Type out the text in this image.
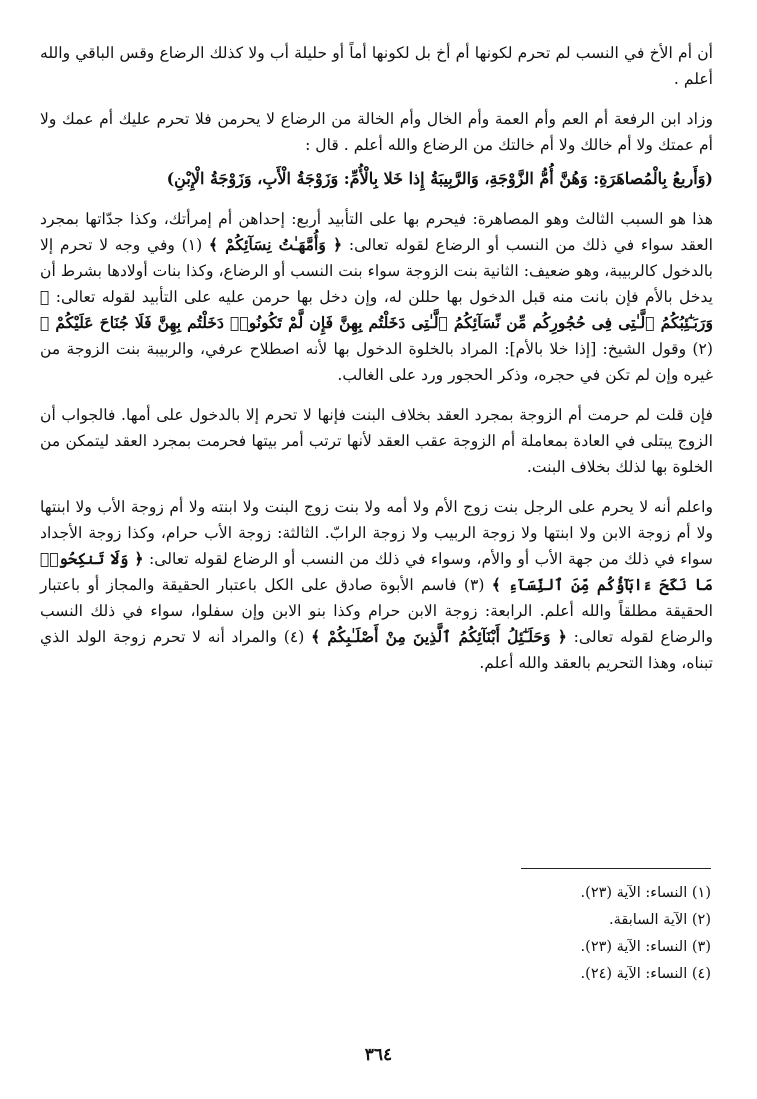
أن أم الأخ في النسب لم تحرم لكونها أم أخ بل لكونها أماً أو حليلة أب ولا كذلك الرضاع وقس الباقي والله أعلم .

وزاد ابن الرفعة أم العم وأم العمة وأم الخال وأم الخالة من الرضاع لا يحرمن فلا تحرم عليك أم عمك ولا أم عمتك ولا أم خالك ولا أم خالتك من الرضاع والله أعلم . قال :

(وَأَربعُ بِالْمُصاهَرَةِ: وَهُنَّ أُمُّ الزَّوْجَةِ، وَالرَّبِيبَةُ إِذا خَلا بِالْأُمِّ: وَزَوْجَةُ الْأَبِ، وَزَوْجَةُ الْإِبْنِ)

هذا هو السبب الثالث وهو المصاهرة: فيحرم بها على التأبيد أربع: إحداهن أم إمرأتك، وكذا جدّاتها بمجرد العقد سواء في ذلك من النسب أو الرضاع لقوله تعالى: ﴿ وَأُمَّهَـٰتُ نِسَآئِكُمْ ﴾ (١) وفي وجه لا تحرم إلا بالدخول كالربيبة، وهو ضعيف: الثانية بنت الزوجة سواء بنت النسب أو الرضاع، وكذا بنات أولادها بشرط أن يدخل بالأم فإن بانت منه قبل الدخول بها حللن له، وإن دخل بها حرمن عليه على التأبيد لقوله تعالى: ﴿ وَرَبَـٰٓئِبُكُمُ ٱلَّـٰتِى فِى حُجُورِكُم مِّن نِّسَآئِكُمُ ٱلَّـٰتِى دَخَلْتُم بِهِنَّ فَإِن لَّمْ تَكُونُوا۟ دَخَلْتُم بِهِنَّ فَلَا جُنَاحَ عَلَيْكُمْ ﴾ (٢) وقول الشيخ: [إذا خلا بالأم]: المراد بالخلوة الدخول بها لأنه اصطلاح عرفي، والربيبة بنت الزوجة من غيره وإن لم تكن في حجره، وذكر الحجور ورد على الغالب.

فإن قلت لم حرمت أم الزوجة بمجرد العقد بخلاف البنت فإنها لا تحرم إلا بالدخول على أمها. فالجواب أن الزوج يبتلى في العادة بمعاملة أم الزوجة عقب العقد لأنها ترتب أمر بيتها فحرمت بمجرد العقد ليتمكن من الخلوة بها لذلك بخلاف البنت.

واعلم أنه لا يحرم على الرجل بنت زوج الأم ولا أمه ولا بنت زوج البنت ولا ابنته ولا أم زوجة الأب ولا ابنتها ولا أم زوجة الابن ولا ابنتها ولا زوجة الربيب ولا زوجة الرابّ. الثالثة: زوجة الأب حرام، وكذا زوجة الأجداد سواء في ذلك من جهة الأب أو والأم، وسواء في ذلك من النسب أو الرضاع لقوله تعالى: ﴿ وَلَا تَنكِحُوا۟ مَا نَكَحَ ءَابَآؤُكُم مِّنَ ٱلنِّسَآءِ ﴾ (٣) فاسم الأبوة صادق على الكل باعتبار الحقيقة والمجاز أو باعتبار الحقيقة مطلقاً والله أعلم. الرابعة: زوجة الابن حرام وكذا بنو الابن وإن سفلوا، سواء في ذلك النسب والرضاع لقوله تعالى: ﴿ وَحَلَـٰٓئِلُ أَبْنَآئِكُمُ ٱلَّذِينَ مِنْ أَصْلَـٰبِكُمْ ﴾ (٤) والمراد أنه لا تحرم زوجة الولد الذي تبناه، وهذا التحريم بالعقد والله أعلم.

(١) النساء: الآية (٢٣).
(٢) الآية السابقة.
(٣) النساء: الآية (٢٣).
(٤) النساء: الآية (٢٤).
٣٦٤
